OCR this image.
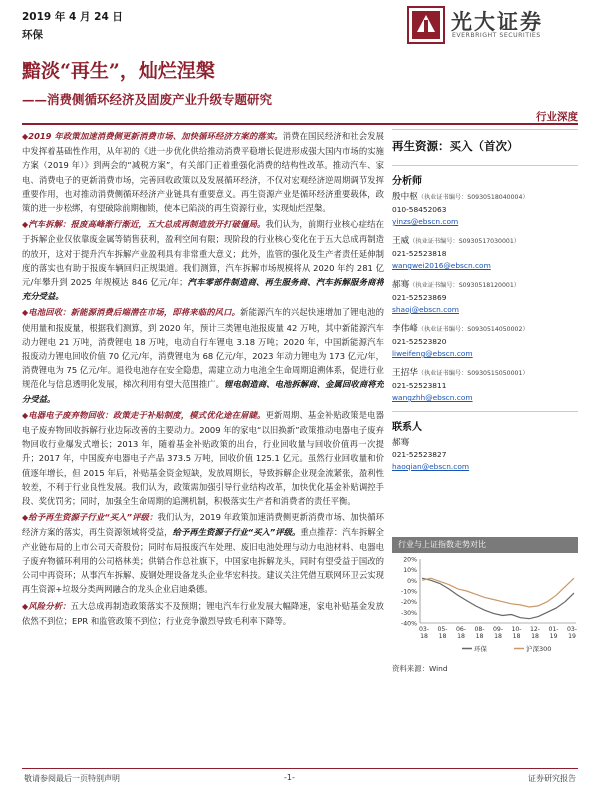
2019 年 4 月 24 日
环保
光大证券
EVERBRIGHT SECURITIES
黯淡“再生”，灿烂涅槃
——消费侧循环经济及固废产业升级专题研究
行业深度

◆2019 年政策加速消费侧更新消费市场、加快循环经济方案的落实。消费在国民经济和社会发展中发挥着基础性作用，从年初的《进一步优化供给推动消费平稳增长促进形成强大国内市场的实施方案（2019 年）》到两会的“减税方案”，有关部门正着重强化消费的结构性改革。推动汽车、家电、消费电子的更新消费市场，完善回收政策以及发展循环经济，不仅对宏观经济逆周期调节发挥重要作用，也对推动消费侧循环经济产业链具有重要意义。再生资源产业是循环经济重要载体，政策的进一步松绑，有望破除前期枷锁，使本已陷淡的再生资源行业，实现灿烂涅槃。

◆汽车拆解：报废高峰渐行渐近，五大总成再制造放开打破僵局。我们认为，前期行业核心症结在于拆解企业仅依靠废金属等销售获利，盈利空间有限；现阶段的行业核心变化在于五大总成再制造的放开，这对于提升汽车拆解产业盈利具有非常重大意义；此外，监管的强化及生产者责任延伸制度的落实也有助于报废车辆回归正规渠道。我们测算，汽车拆解市场规模将从 2020 年约 281 亿元/年攀升到 2025 年规模达 846 亿元/年；汽车零部件制造商、再生服务商、汽车拆解服务商将充分受益。

◆电池回收：新能源消费后端潜在市场，即将来临的风口。新能源汽车的兴起快速增加了锂电池的使用量和报废量，根据我们测算，到 2020 年，预计三类锂电池报废量 42 万吨，其中新能源汽车动力锂电 21 万吨，消费锂电 18 万吨，电动自行车锂电 3.18 万吨；2020 年，中国新能源汽车报废动力锂电回收价值 70 亿元/年，消费锂电为 68 亿元/年，2023 年动力锂电为 173 亿元/年，消费锂电为 75 亿元/年。退役电池存在安全隐患，需建立动力电池全生命周期追溯体系，促进行业规范化与信息透明化发展，梯次利用有望大范围推广。锂电制造商、电池拆解商、金属回收商将充分受益。

◆电器电子废弃物回收：政策走于补贴制度，模式优化途在眉睫。更新周期、基金补贴政策是电器电子废弃物回收拆解行业边际改善的主要动力。2009 年的家电“以旧换新”政策推动电器电子废弃物回收行业爆发式增长；2013 年，随着基金补贴政策的出台，行业回收量与回收价值再一次提升；2017 年，中国废弃电器电子产品 373.5 万吨，回收价值 125.1 亿元。虽然行业回收量和价值逐年增长，但 2015 年后，补贴基金资金短缺，发放周期长，导致拆解企业现金流紧张，盈利性较差，不利于行业良性发展。我们认为，政策需加强引导行业结构改革，加快优化基金补贴调控手段、奖优罚劣；同时，加强全生命周期的追溯机制，积极落实生产者和消费者的责任平衡。

◆给予再生资源子行业“买入”评级：我们认为，2019 年政策加速消费侧更新消费市场、加快循环经济方案的落实，再生资源领域将受益，给予再生资源子行业“买入”评级。重点推荐：汽车拆解全产业链布局的上市公司天奇股份；同时布局报废汽车处理、废旧电池处理与动力电池材料、电器电子废弃物循环利用的公司格林美；供销合作总社旗下，中国家电拆解龙头，同时有望受益于国改的公司中再资环；从事汽车拆解、废钢处理设备龙头企业华宏科技。建议关注凭借互联网环卫云实现再生资源+垃圾分类两网融合的龙头企业启迪桑德。

◆风险分析：五大总成再制造政策落实不及预期；锂电汽车行业发展大幅降速，家电补贴基金发放依然不到位；EPR 和监管政策不到位；行业竞争激烈导致毛利率下降等。

再生资源：买入（首次）
分析师
殷中枢（执业证书编号：S0930518040004）
010-58452063
yinzs@ebscn.com
王威（执业证书编号：S0930517030001）
021-52523818
wangwei2016@ebscn.com
郝骞（执业证书编号：S0930518120001）
021-52523869
shaoj@ebscn.com
李伟峰（执业证书编号：S0930514050002）
021-52523820
liweifeng@ebscn.com
王招华（执业证书编号：S0930515050001）
021-52523811
wangzhh@ebscn.com
联系人
郝骞
021-52523827
haoqian@ebscn.com
行业与上证指数走势对比
20%
10%
0%
-10%
-20%
-30%
-40%
03-
18
05-
18
06-
18
08-
18
09-
18
10-
18
12-
18
01-
19
03-
19
环保	沪深300
资料来源：Wind
敬请参阅最后一页特别声明	-1-	证券研究报告
